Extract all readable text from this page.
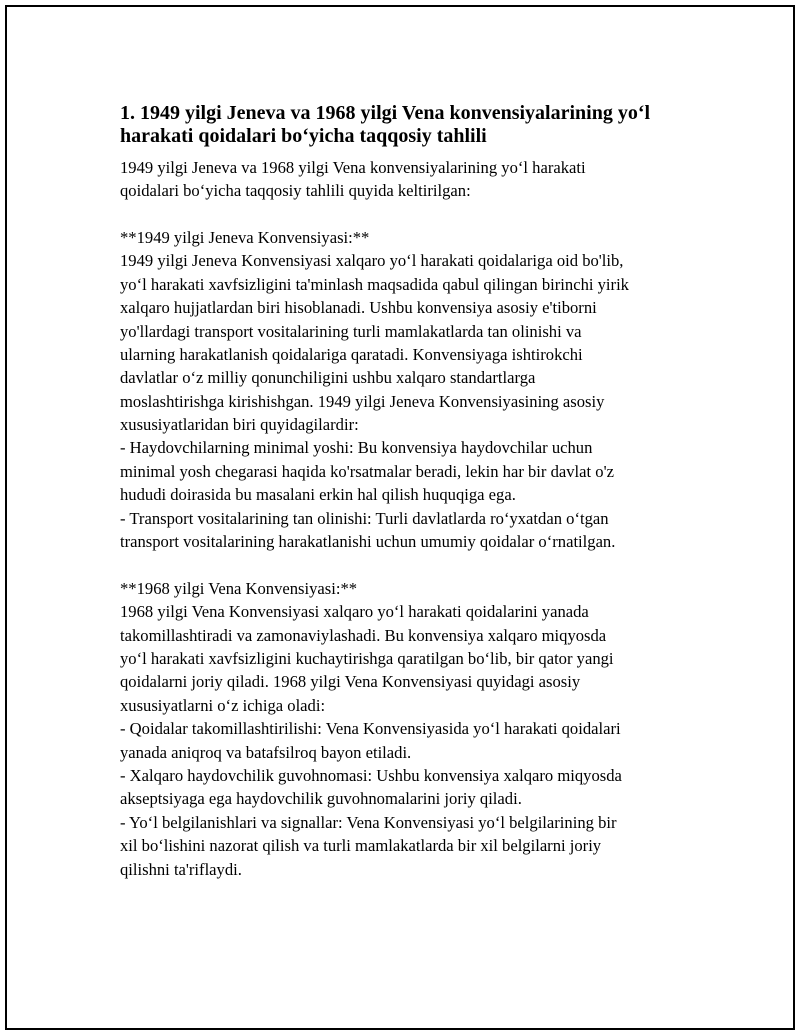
1. 1949 yilgi Jeneva va 1968 yilgi Vena konvensiyalarining yo‘l
harakati qoidalari bo‘yicha taqqosiy tahlili
1949 yilgi Jeneva va 1968 yilgi Vena konvensiyalarining yo‘l harakati
qoidalari bo‘yicha taqqosiy tahlili quyida keltirilgan:
**1949 yilgi Jeneva Konvensiyasi:**
1949 yilgi Jeneva Konvensiyasi xalqaro yo‘l harakati qoidalariga oid bo'lib,
yo‘l harakati xavfsizligini ta'minlash maqsadida qabul qilingan birinchi yirik
xalqaro hujjatlardan biri hisoblanadi. Ushbu konvensiya asosiy e'tiborni
yo'llardagi transport vositalarining turli mamlakatlarda tan olinishi va
ularning harakatlanish qoidalariga qaratadi. Konvensiyaga ishtirokchi
davlatlar o‘z milliy qonunchiligini ushbu xalqaro standartlarga
moslashtirishga kirishishgan. 1949 yilgi Jeneva Konvensiyasining asosiy
xususiyatlaridan biri quyidagilardir:
- Haydovchilarning minimal yoshi: Bu konvensiya haydovchilar uchun
minimal yosh chegarasi haqida ko'rsatmalar beradi, lekin har bir davlat o'z
hududi doirasida bu masalani erkin hal qilish huquqiga ega.
- Transport vositalarining tan olinishi: Turli davlatlarda ro‘yxatdan o‘tgan
transport vositalarining harakatlanishi uchun umumiy qoidalar o‘rnatilgan.
**1968 yilgi Vena Konvensiyasi:**
1968 yilgi Vena Konvensiyasi xalqaro yo‘l harakati qoidalarini yanada
takomillashtiradi va zamonaviylashadi. Bu konvensiya xalqaro miqyosda
yo‘l harakati xavfsizligini kuchaytirishga qaratilgan bo‘lib, bir qator yangi
qoidalarni joriy qiladi. 1968 yilgi Vena Konvensiyasi quyidagi asosiy
xususiyatlarni o‘z ichiga oladi:
- Qoidalar takomillashtirilishi: Vena Konvensiyasida yo‘l harakati qoidalari
yanada aniqroq va batafsilroq bayon etiladi.
- Xalqaro haydovchilik guvohnomasi: Ushbu konvensiya xalqaro miqyosda
akseptsiyaga ega haydovchilik guvohnomalarini joriy qiladi.
- Yo‘l belgilanishlari va signallar: Vena Konvensiyasi yo‘l belgilarining bir
xil bo‘lishini nazorat qilish va turli mamlakatlarda bir xil belgilarni joriy
qilishni ta'riflaydi.
